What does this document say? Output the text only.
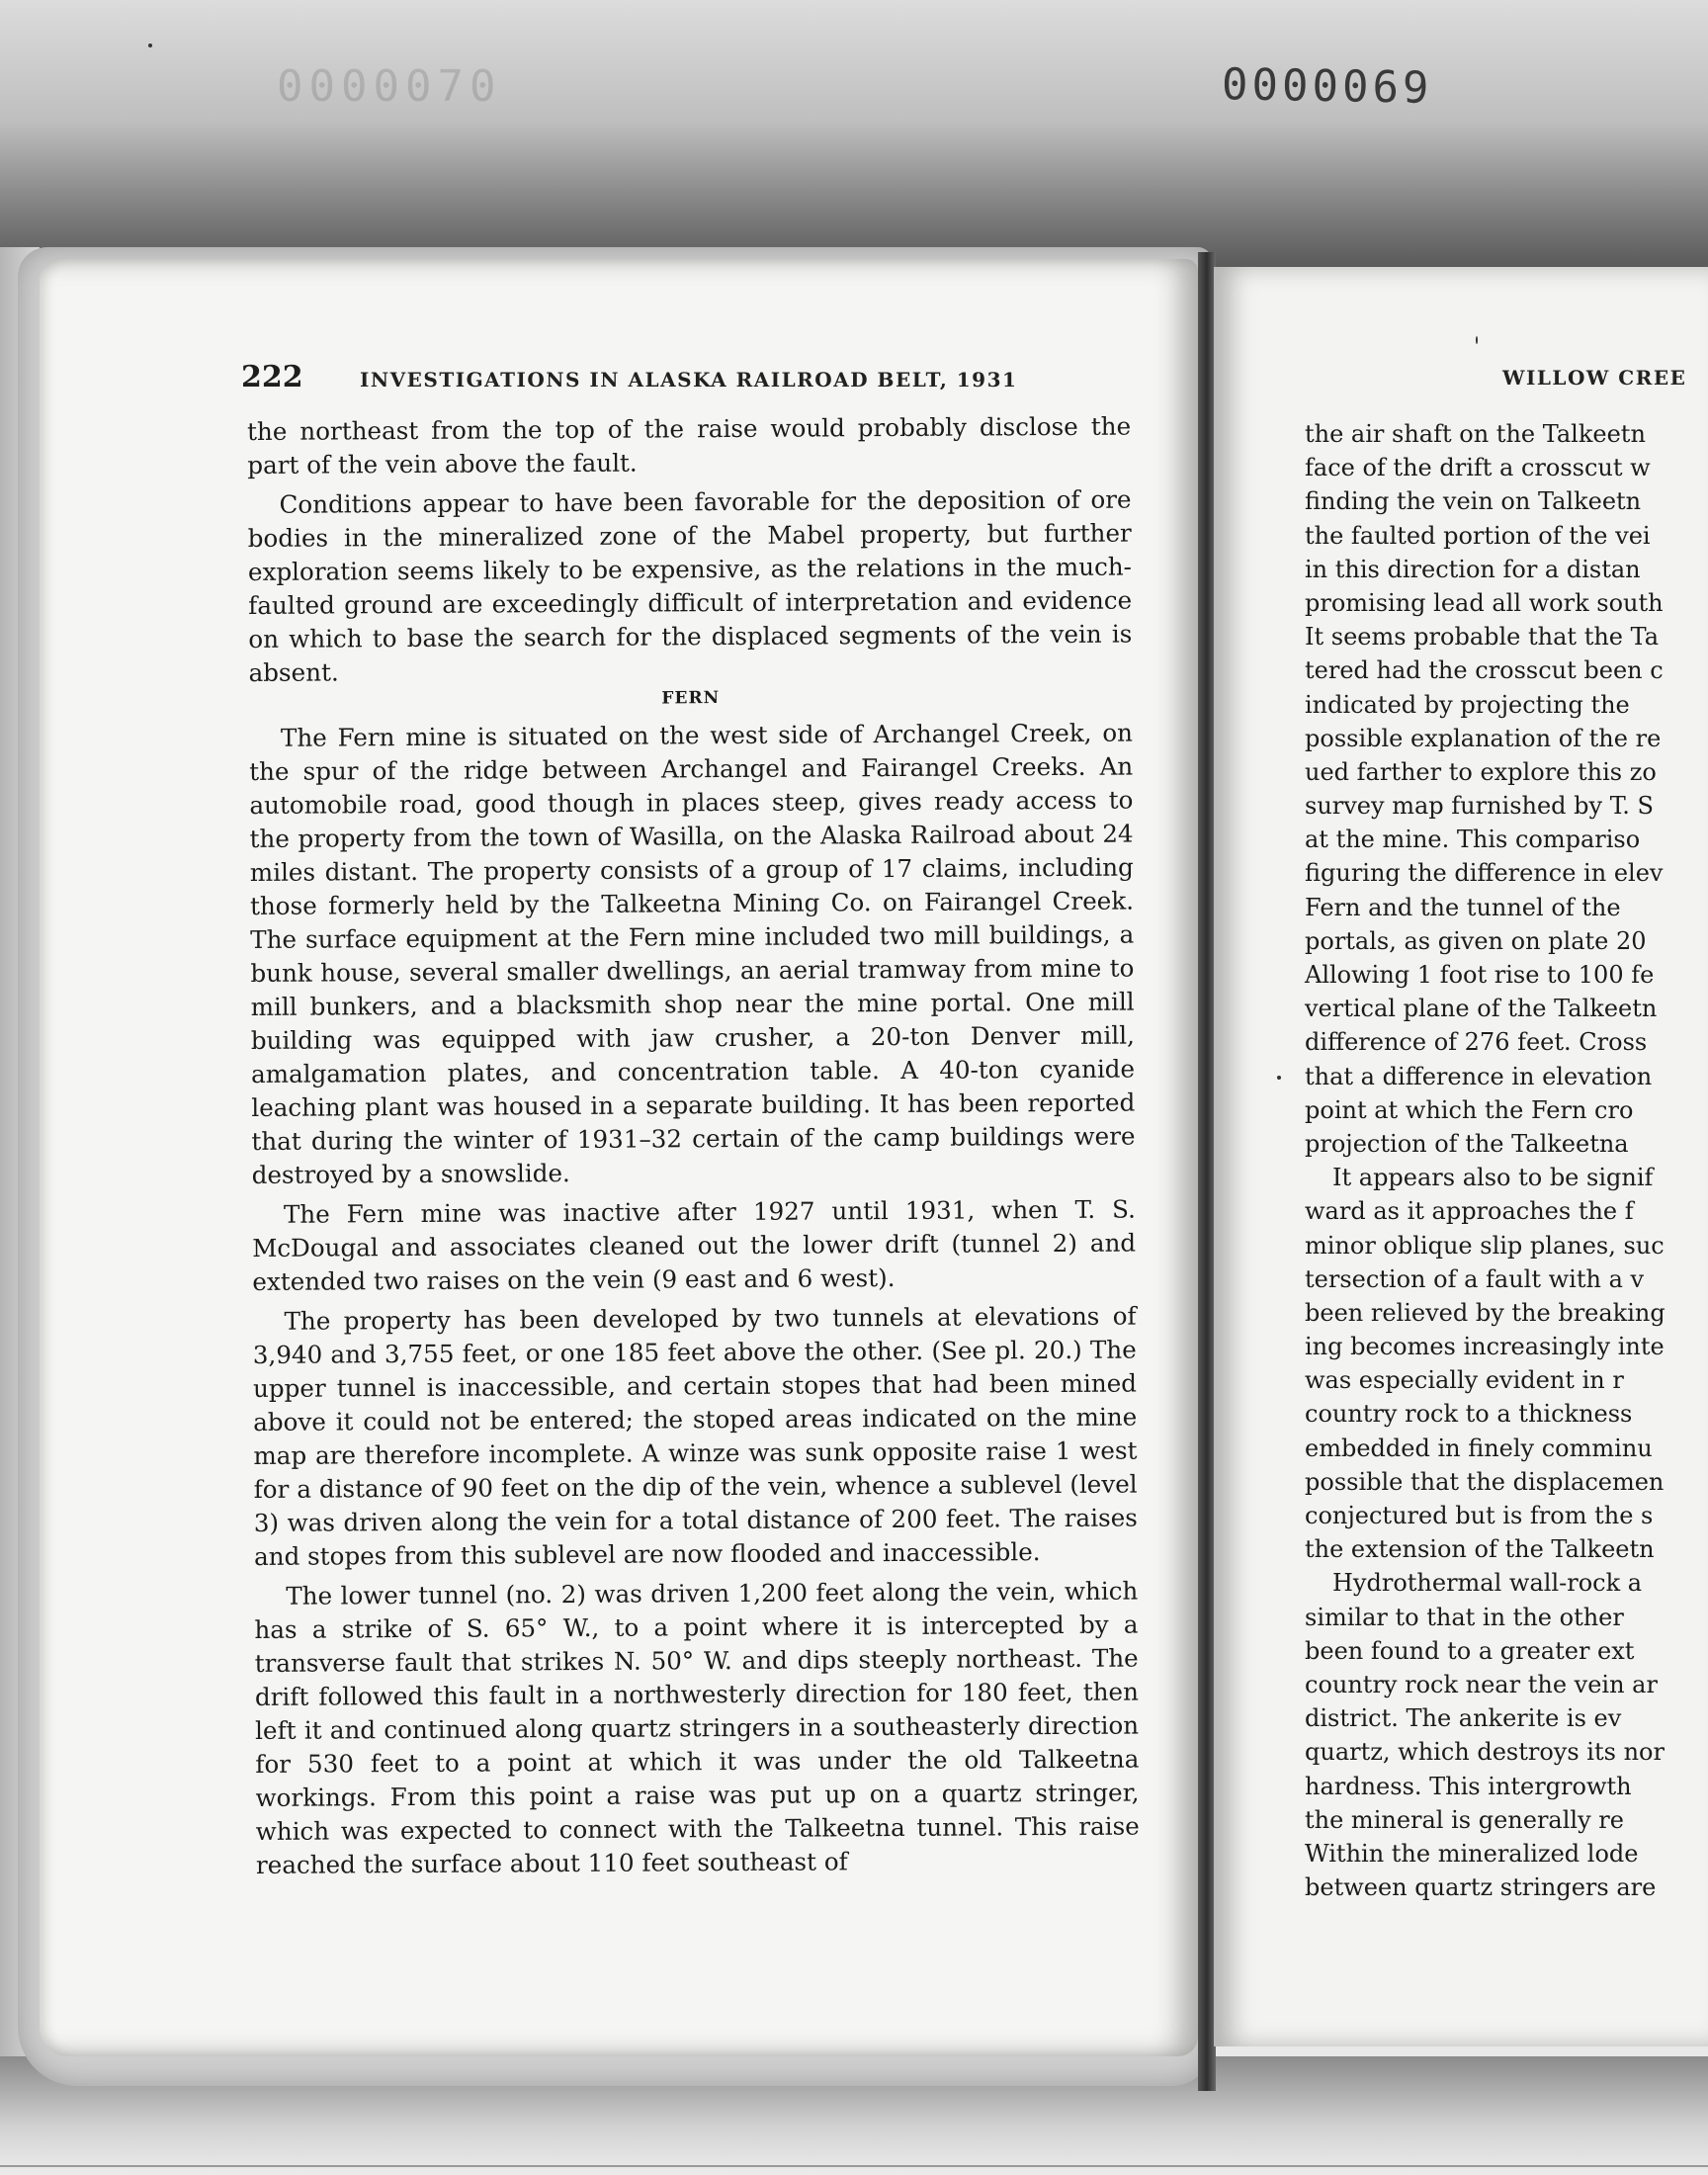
0000070	0000069
222	INVESTIGATIONS IN ALASKA RAILROAD BELT, 1931

the northeast from the top of the raise would probably disclose the part of the vein above the fault.

Conditions appear to have been favorable for the deposition of ore bodies in the mineralized zone of the Mabel property, but further exploration seems likely to be expensive, as the relations in the much-faulted ground are exceedingly difficult of interpretation and evidence on which to base the search for the displaced segments of the vein is absent.

FERN

The Fern mine is situated on the west side of Archangel Creek, on the spur of the ridge between Archangel and Fairangel Creeks. An automobile road, good though in places steep, gives ready access to the property from the town of Wasilla, on the Alaska Railroad about 24 miles distant. The property consists of a group of 17 claims, including those formerly held by the Talkeetna Mining Co. on Fairangel Creek. The surface equipment at the Fern mine included two mill buildings, a bunk house, several smaller dwellings, an aerial tramway from mine to mill bunkers, and a blacksmith shop near the mine portal. One mill building was equipped with jaw crusher, a 20-ton Denver mill, amalgamation plates, and concentration table. A 40-ton cyanide leaching plant was housed in a separate building. It has been reported that during the winter of 1931–32 certain of the camp buildings were destroyed by a snowslide.

The Fern mine was inactive after 1927 until 1931, when T. S. McDougal and associates cleaned out the lower drift (tunnel 2) and extended two raises on the vein (9 east and 6 west).

The property has been developed by two tunnels at elevations of 3,940 and 3,755 feet, or one 185 feet above the other. (See pl. 20.) The upper tunnel is inaccessible, and certain stopes that had been mined above it could not be entered; the stoped areas indicated on the mine map are therefore incomplete. A winze was sunk opposite raise 1 west for a distance of 90 feet on the dip of the vein, whence a sublevel (level 3) was driven along the vein for a total distance of 200 feet. The raises and stopes from this sublevel are now flooded and inaccessible.

The lower tunnel (no. 2) was driven 1,200 feet along the vein, which has a strike of S. 65° W., to a point where it is intercepted by a transverse fault that strikes N. 50° W. and dips steeply northeast. The drift followed this fault in a northwesterly direction for 180 feet, then left it and continued along quartz stringers in a southeasterly direction for 530 feet to a point at which it was under the old Talkeetna workings. From this point a raise was put up on a quartz stringer, which was expected to connect with the Talkeetna tunnel. This raise reached the surface about 110 feet southeast of

WILLOW CREE
the air shaft on the Talkeetn
face of the drift a crosscut w
finding the vein on Talkeetn
the faulted portion of the vei
in this direction for a distan
promising lead all work south
It seems probable that the Ta
tered had the crosscut been c
indicated by projecting the
possible explanation of the re
ued farther to explore this zo
survey map furnished by T. S
at the mine. This compariso
figuring the difference in elev
Fern and the tunnel of the
portals, as given on plate 20
Allowing 1 foot rise to 100 fe
vertical plane of the Talkeetn
difference of 276 feet. Cross
that a difference in elevation
point at which the Fern cro
projection of the Talkeetna
It appears also to be signif
ward as it approaches the f
minor oblique slip planes, suc
tersection of a fault with a v
been relieved by the breaking
ing becomes increasingly inte
was especially evident in r
country rock to a thickness
embedded in finely comminu
possible that the displacemen
conjectured but is from the s
the extension of the Talkeetn
Hydrothermal wall-rock a
similar to that in the other
been found to a greater ext
country rock near the vein ar
district. The ankerite is ev
quartz, which destroys its nor
hardness. This intergrowth
the mineral is generally re
Within the mineralized lode
between quartz stringers are
